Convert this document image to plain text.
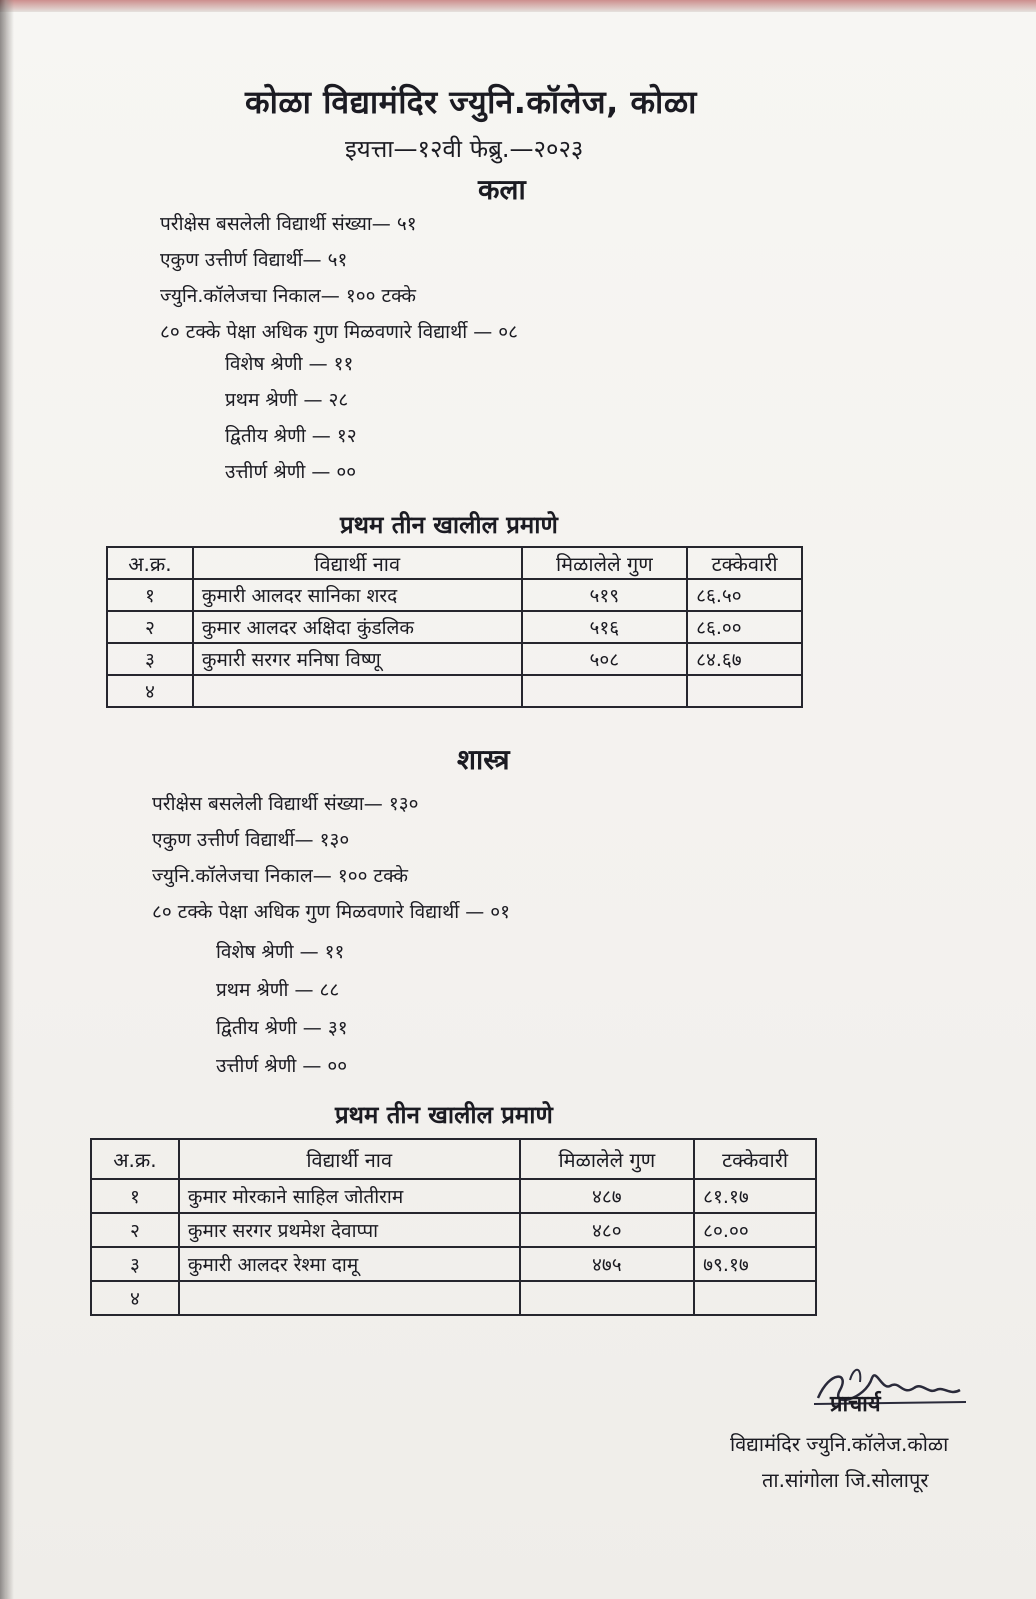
कोळा विद्यामंदिर ज्युनि.कॉलेज, कोळा
इयत्ता—१२वी फेब्रु.—२०२३
कला
परीक्षेस बसलेली विद्यार्थी संख्या— ५१
एकुण उत्तीर्ण विद्यार्थी— ५१
ज्युनि.कॉलेजचा निकाल— १०० टक्के
८० टक्के पेक्षा अधिक गुण मिळवणारे विद्यार्थी — ०८
विशेष श्रेणी — ११
प्रथम श्रेणी — २८
द्वितीय श्रेणी — १२
उत्तीर्ण श्रेणी — ००
प्रथम तीन खालील प्रमाणे
अ.क्र.	विद्यार्थी नाव	मिळालेले गुण	टक्केवारी
१	कुमारी आलदर सानिका शरद	५१९	८६.५०
२	कुमार आलदर अक्षिदा कुंडलिक	५१६	८६.००
३	कुमारी सरगर मनिषा विष्णू	५०८	८४.६७
४			
शास्त्र
परीक्षेस बसलेली विद्यार्थी संख्या— १३०
एकुण उत्तीर्ण विद्यार्थी— १३०
ज्युनि.कॉलेजचा निकाल— १०० टक्के
८० टक्के पेक्षा अधिक गुण मिळवणारे विद्यार्थी — ०१
विशेष श्रेणी — ११
प्रथम श्रेणी — ८८
द्वितीय श्रेणी — ३१
उत्तीर्ण श्रेणी — ००
प्रथम तीन खालील प्रमाणे
अ.क्र.	विद्यार्थी नाव	मिळालेले गुण	टक्केवारी
१	कुमार मोरकाने साहिल जोतीराम	४८७	८१.१७
२	कुमार सरगर प्रथमेश देवाप्पा	४८०	८०.००
३	कुमारी आलदर रेश्मा दामू	४७५	७९.१७
४			
प्राचार्य
विद्यामंदिर ज्युनि.कॉलेज.कोळा
ता.सांगोला जि.सोलापूर
